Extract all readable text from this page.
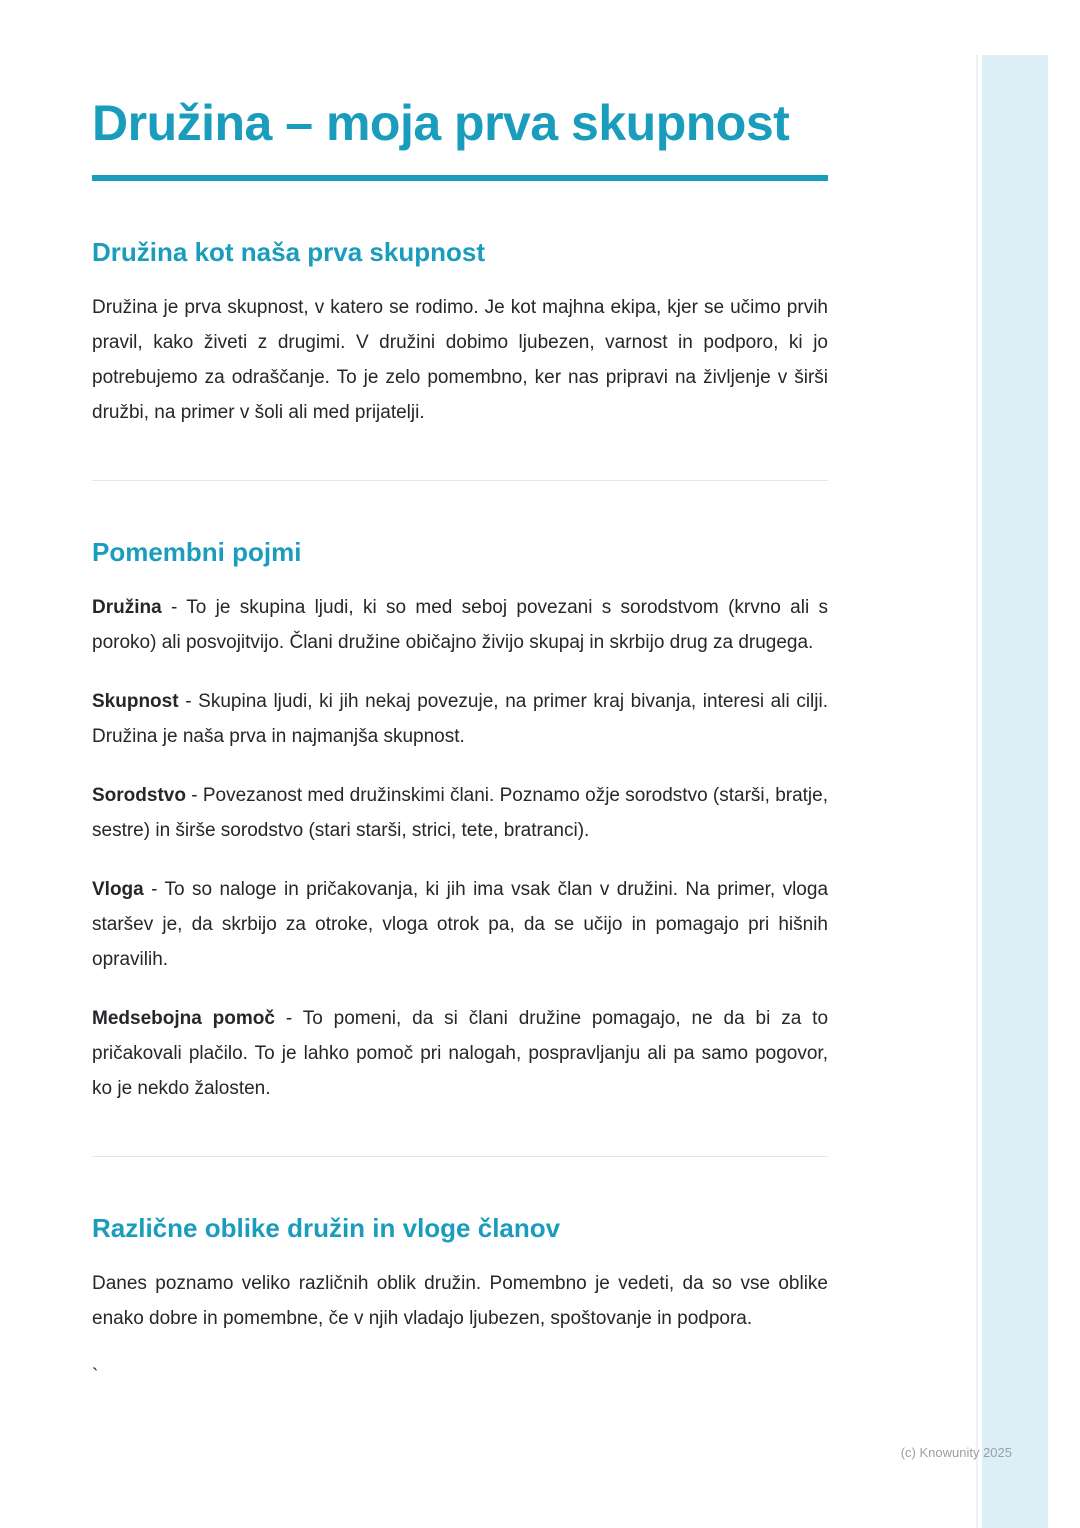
Družina – moja prva skupnost
Družina kot naša prva skupnost

Družina je prva skupnost, v katero se rodimo. Je kot majhna ekipa, kjer se učimo prvih pravil, kako živeti z drugimi. V družini dobimo ljubezen, varnost in podporo, ki jo potrebujemo za odraščanje. To je zelo pomembno, ker nas pripravi na življenje v širši družbi, na primer v šoli ali med prijatelji.

Pomembni pojmi

Družina - To je skupina ljudi, ki so med seboj povezani s sorodstvom (krvno ali s poroko) ali posvojitvijo. Člani družine običajno živijo skupaj in skrbijo drug za drugega.

Skupnost - Skupina ljudi, ki jih nekaj povezuje, na primer kraj bivanja, interesi ali cilji. Družina je naša prva in najmanjša skupnost.

Sorodstvo - Povezanost med družinskimi člani. Poznamo ožje sorodstvo (starši, bratje, sestre) in širše sorodstvo (stari starši, strici, tete, bratranci).

Vloga - To so naloge in pričakovanja, ki jih ima vsak član v družini. Na primer, vloga staršev je, da skrbijo za otroke, vloga otrok pa, da se učijo in pomagajo pri hišnih opravilih.

Medsebojna pomoč - To pomeni, da si člani družine pomagajo, ne da bi za to pričakovali plačilo. To je lahko pomoč pri nalogah, pospravljanju ali pa samo pogovor, ko je nekdo žalosten.

Različne oblike družin in vloge članov

Danes poznamo veliko različnih oblik družin. Pomembno je vedeti, da so vse oblike enako dobre in pomembne, če v njih vladajo ljubezen, spoštovanje in podpora.

`

(c) Knowunity 2025
